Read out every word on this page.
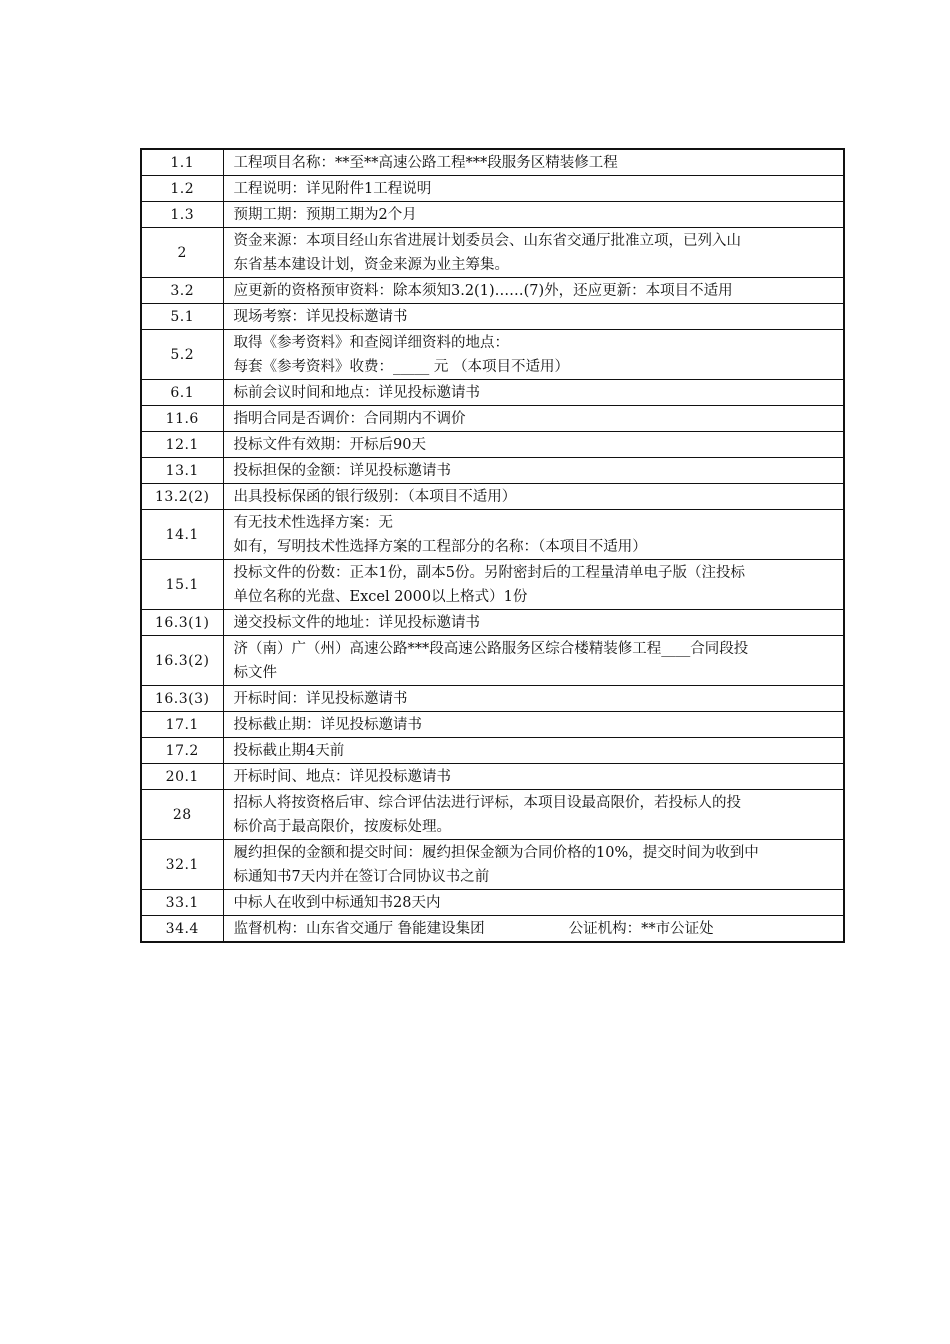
1.1	工程项目名称：**至**高速公路工程***段服务区精装修工程

1.2	工程说明：详见附件1工程说明

1.3	预期工期：预期工期为2个月

2	资金来源：本项目经山东省进展计划委员会、山东省交通厅批准立项，已列入山
东省基本建设计划，资金来源为业主筹集。

3.2	应更新的资格预审资料：除本须知3.2(1)……(7)外，还应更新：本项目不适用

5.1	现场考察：详见投标邀请书

5.2	取得《参考资料》和查阅详细资料的地点：
每套《参考资料》收费：_____ 元 （本项目不适用）

6.1	标前会议时间和地点：详见投标邀请书

11.6	指明合同是否调价：合同期内不调价

12.1	投标文件有效期：开标后90天

13.1	投标担保的金额：详见投标邀请书

13.2(2)	出具投标保函的银行级别：（本项目不适用）

14.1	有无技术性选择方案：无
如有，写明技术性选择方案的工程部分的名称：（本项目不适用）

15.1	投标文件的份数：正本1份，副本5份。另附密封后的工程量清单电子版（注投标
单位名称的光盘、Excel 2000以上格式）1份

16.3(1)	递交投标文件的地址：详见投标邀请书

16.3(2)	济（南）广（州）高速公路***段高速公路服务区综合楼精装修工程____合同段投
标文件

16.3(3)	开标时间：详见投标邀请书

17.1	投标截止期：详见投标邀请书

17.2	投标截止期4天前

20.1	开标时间、地点：详见投标邀请书

28	招标人将按资格后审、综合评估法进行评标，本项目设最高限价，若投标人的投
标价高于最高限价，按废标处理。

32.1	履约担保的金额和提交时间：履约担保金额为合同价格的10%，提交时间为收到中
标通知书7天内并在签订合同协议书之前

33.1	中标人在收到中标通知书28天内

34.4	监督机构：山东省交通厅 鲁能建设集团 公证机构：**市公证处
